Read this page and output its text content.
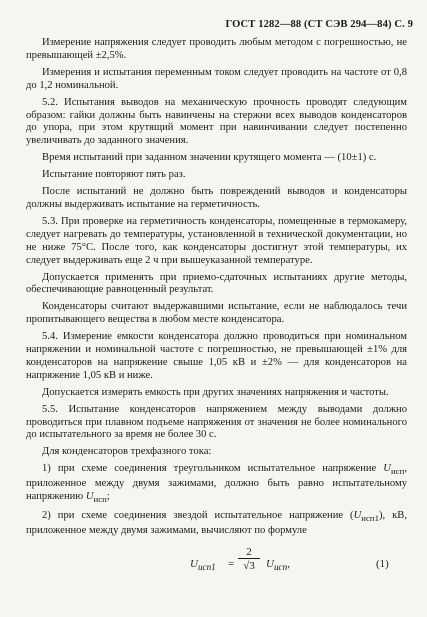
ГОСТ 1282—88 (СТ СЭВ 294—84) С. 9

Измерение напряжения следует проводить любым методом с погрешностью, не превышающей ±2,5%.

Измерения и испытания переменным током следует проводить на частоте от 0,8 до 1,2 номинальной.

5.2. Испытания выводов на механическую прочность проводят следующим образом: гайки должны быть навинчены на стержни всех выводов конденсаторов до упора, при этом крутящий момент при навинчивании следует постепенно увеличивать до заданного значения.

Время испытаний при заданном значении крутящего момента — (10±1) с.

Испытание повторяют пять раз.

После испытаний не должно быть повреждений выводов и конденсаторы должны выдерживать испытание на герметичность.

5.3. При проверке на герметичность конденсаторы, помещенные в термокамеру, следует нагревать до температуры, установленной в технической документации, но не ниже 75°С. После того, как конденсаторы достигнут этой температуры, их следует выдерживать еще 2 ч при вышеуказанной температуре.

Допускается применять при приемо-сдаточных испытаниях другие методы, обеспечивающие равноценный результат.

Конденсаторы считают выдержавшими испытание, если не наблюдалось течи пропитывающего вещества в любом месте конденсатора.

5.4. Измерение емкости конденсатора должно проводиться при номинальном напряжении и номинальной частоте с погрешностью, не превышающей ±1% для конденсаторов на напряжение свыше 1,05 кВ и ±2% — для конденсаторов на напряжение 1,05 кВ и ниже.

Допускается измерять емкость при других значениях напряжения и частоты.

5.5. Испытание конденсаторов напряжением между выводами должно проводиться при плавном подъеме напряжения от значения не более номинального до испытательного за время не более 30 с.

Для конденсаторов трехфазного тока:

1) при схеме соединения треугольником испытательное напряжение $U_{исп}$, приложенное между двумя зажимами, должно быть равно испытательному напряжению $U_{исп}$;

2) при схеме соединения звездой испытательное напряжение $(U_{исп1})$, кВ, приложенное между двумя зажимами, вычисляют по формуле

$U_{исп1} = \frac{2}{√3} U_{исп}$,	(1)
